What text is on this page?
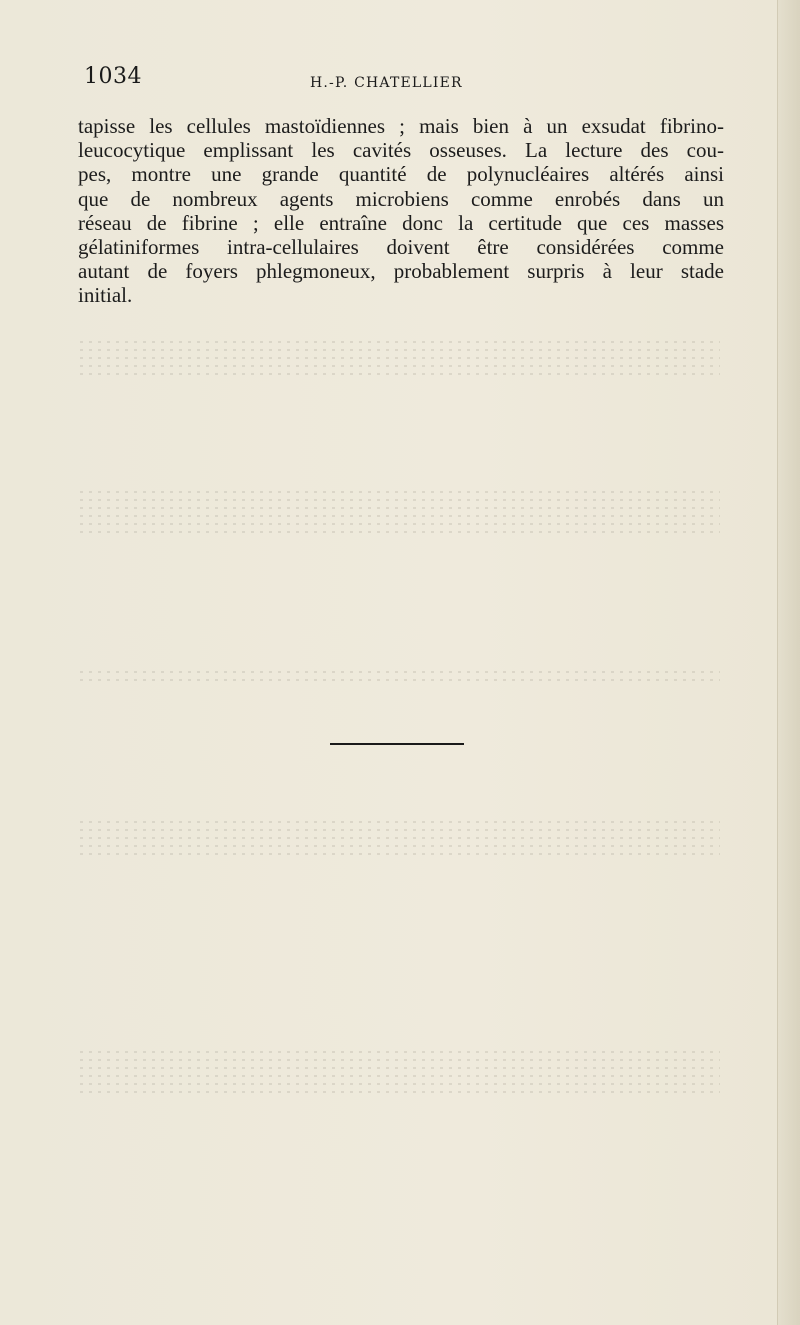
1034	H.-P. CHATELLIER
tapisse les cellules mastoïdiennes ; mais bien à un exsudat fibrino-
leucocytique emplissant les cavités osseuses. La lecture des cou-
pes, montre une grande quantité de polynucléaires altérés ainsi
que de nombreux agents microbiens comme enrobés dans un
réseau de fibrine ; elle entraîne donc la certitude que ces masses
gélatiniformes intra-cellulaires doivent être considérées comme
autant de foyers phlegmoneux, probablement surpris à leur stade
initial.
